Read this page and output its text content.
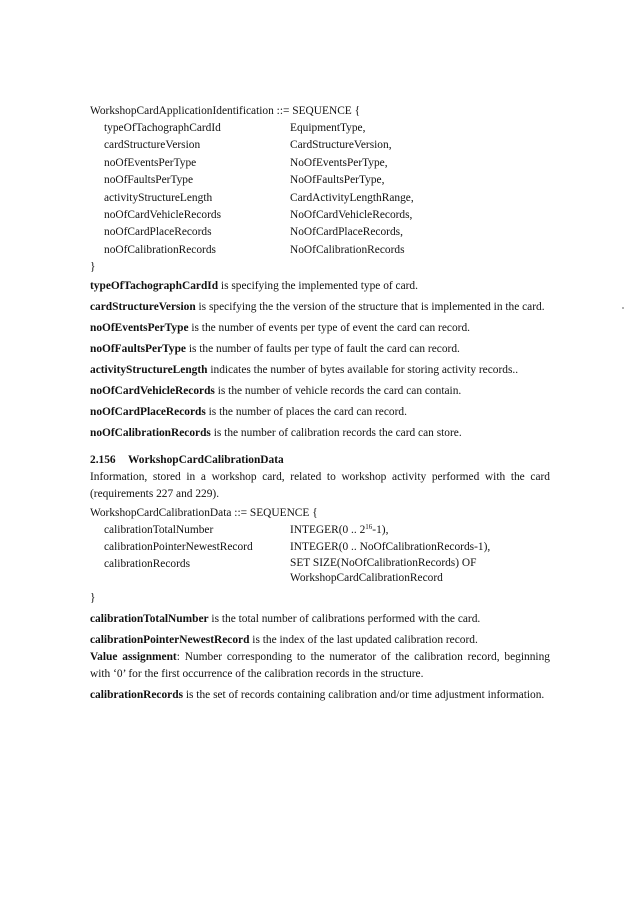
WorkshopCardApplicationIdentification ::= SEQUENCE {
typeOfTachographCardId	EquipmentType,
cardStructureVersion	CardStructureVersion,
noOfEventsPerType	NoOfEventsPerType,
noOfFaultsPerType	NoOfFaultsPerType,
activityStructureLength	CardActivityLengthRange,
noOfCardVehicleRecords	NoOfCardVehicleRecords,
noOfCardPlaceRecords	NoOfCardPlaceRecords,
noOfCalibrationRecords	NoOfCalibrationRecords
}

typeOfTachographCardId is specifying the implemented type of card.

cardStructureVersion is specifying the the version of the structure that is implemented in the card.

noOfEventsPerType is the number of events per type of event the card can record.

noOfFaultsPerType is the number of faults per type of fault the card can record.

activityStructureLength indicates the number of bytes available for storing activity records..

noOfCardVehicleRecords is the number of vehicle records the card can contain.

noOfCardPlaceRecords is the number of places the card can record.

noOfCalibrationRecords is the number of calibration records the card can store.

2.156 WorkshopCardCalibrationData

Information, stored in a workshop card, related to workshop activity performed with the card (requirements 227 and 229).

WorkshopCardCalibrationData ::= SEQUENCE {
calibrationTotalNumber	INTEGER(0 .. $2^{16}-1$),
calibrationPointerNewestRecord	INTEGER(0 .. NoOfCalibrationRecords-1),
calibrationRecords	SET SIZE(NoOfCalibrationRecords) OF
WorkshopCardCalibrationRecord
}

calibrationTotalNumber is the total number of calibrations performed with the card.

calibrationPointerNewestRecord is the index of the last updated calibration record.

Value assignment: Number corresponding to the numerator of the calibration record, beginning with ‘0’ for the first occurrence of the calibration records in the structure.

calibrationRecords is the set of records containing calibration and/or time adjustment information.
